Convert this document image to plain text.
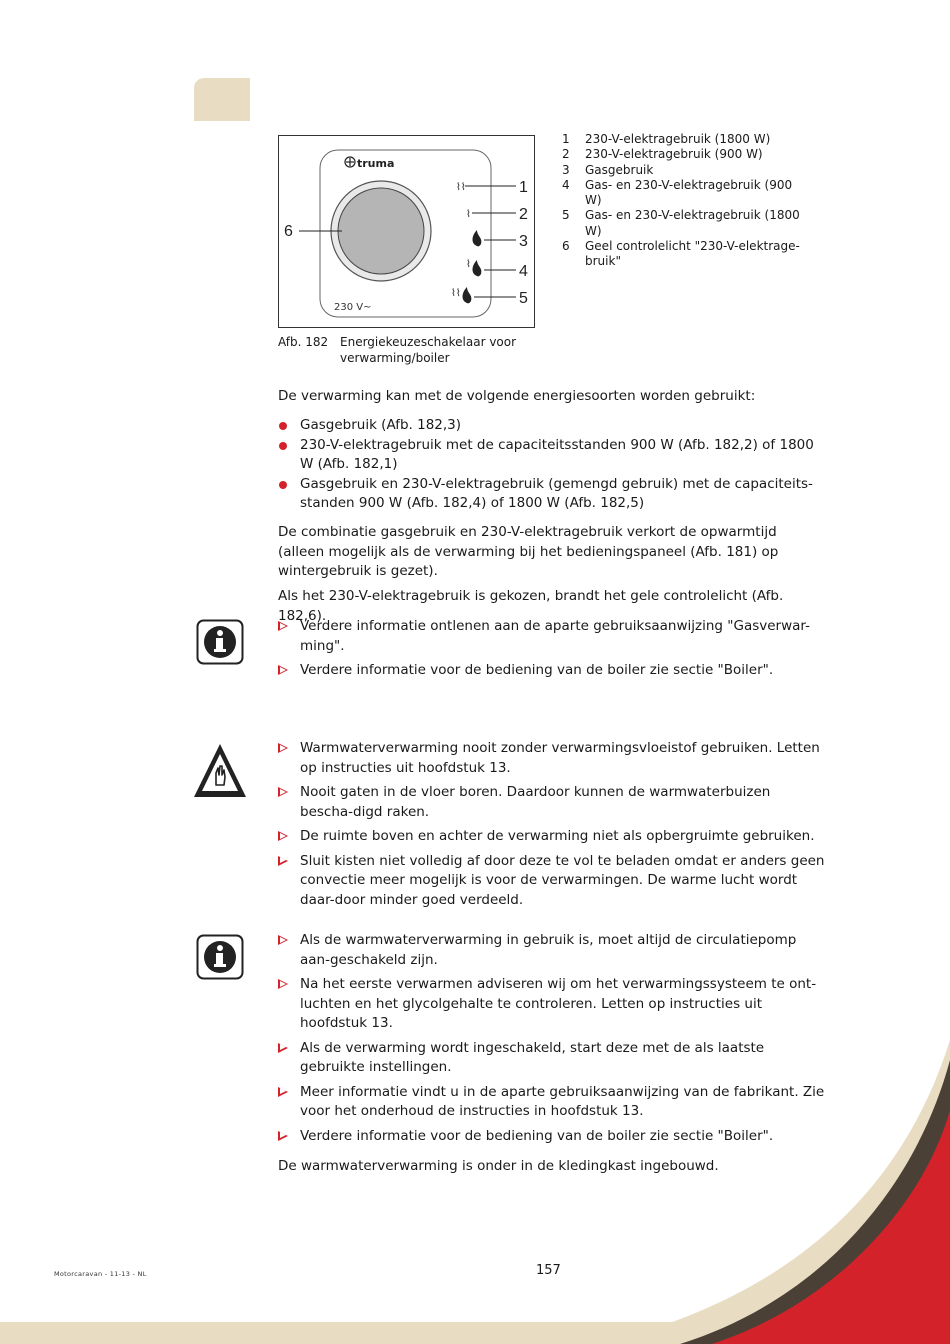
truma
230 V~
6
⌇⌇	1
⌇	2
3
⌇	4
⌇⌇	5
1	230-V-elektragebruik (1800 W)
2	230-V-elektragebruik (900 W)
3	Gasgebruik
4	Gas- en 230-V-elektragebruik (900 W)
5	Gas- en 230-V-elektragebruik (1800 W)
6	Geel controlelicht "230-V-elektrage-bruik"
Afb. 182 Energiekeuzeschakelaar voor verwarming/boiler
De verwarming kan met de volgende energiesoorten worden gebruikt:
Gasgebruik (Afb. 182,3)
230-V-elektragebruik met de capaciteitsstanden 900 W (Afb. 182,2) of 1800 W (Afb. 182,1)
Gasgebruik en 230-V-elektragebruik (gemengd gebruik) met de capaciteits-standen 900 W (Afb. 182,4) of 1800 W (Afb. 182,5)
De combinatie gasgebruik en 230-V-elektragebruik verkort de opwarmtijd (alleen mogelijk als de verwarming bij het bedieningspaneel (Afb. 181) op wintergebruik is gezet).
Als het 230-V-elektragebruik is gekozen, brandt het gele controlelicht (Afb. 182,6).
Verdere informatie ontlenen aan de aparte gebruiksaanwijzing "Gasverwar-ming".
Verdere informatie voor de bediening van de boiler zie sectie "Boiler".
Warmwaterverwarming nooit zonder verwarmingsvloeistof gebruiken. Letten op instructies uit hoofdstuk 13.
Nooit gaten in de vloer boren. Daardoor kunnen de warmwaterbuizen bescha-digd raken.
De ruimte boven en achter de verwarming niet als opbergruimte gebruiken.
Sluit kisten niet volledig af door deze te vol te beladen omdat er anders geen convectie meer mogelijk is voor de verwarmingen. De warme lucht wordt daar-door minder goed verdeeld.
Als de warmwaterverwarming in gebruik is, moet altijd de circulatiepomp aan-geschakeld zijn.
Na het eerste verwarmen adviseren wij om het verwarmingssysteem te ont-luchten en het glycolgehalte te controleren. Letten op instructies uit hoofdstuk 13.
Als de verwarming wordt ingeschakeld, start deze met de als laatste gebruikte instellingen.
Meer informatie vindt u in de aparte gebruiksaanwijzing van de fabrikant. Zie voor het onderhoud de instructies in hoofdstuk 13.
Verdere informatie voor de bediening van de boiler zie sectie "Boiler".
De warmwaterverwarming is onder in de kledingkast ingebouwd.
157
Motorcaravan - 11-13 - NL
